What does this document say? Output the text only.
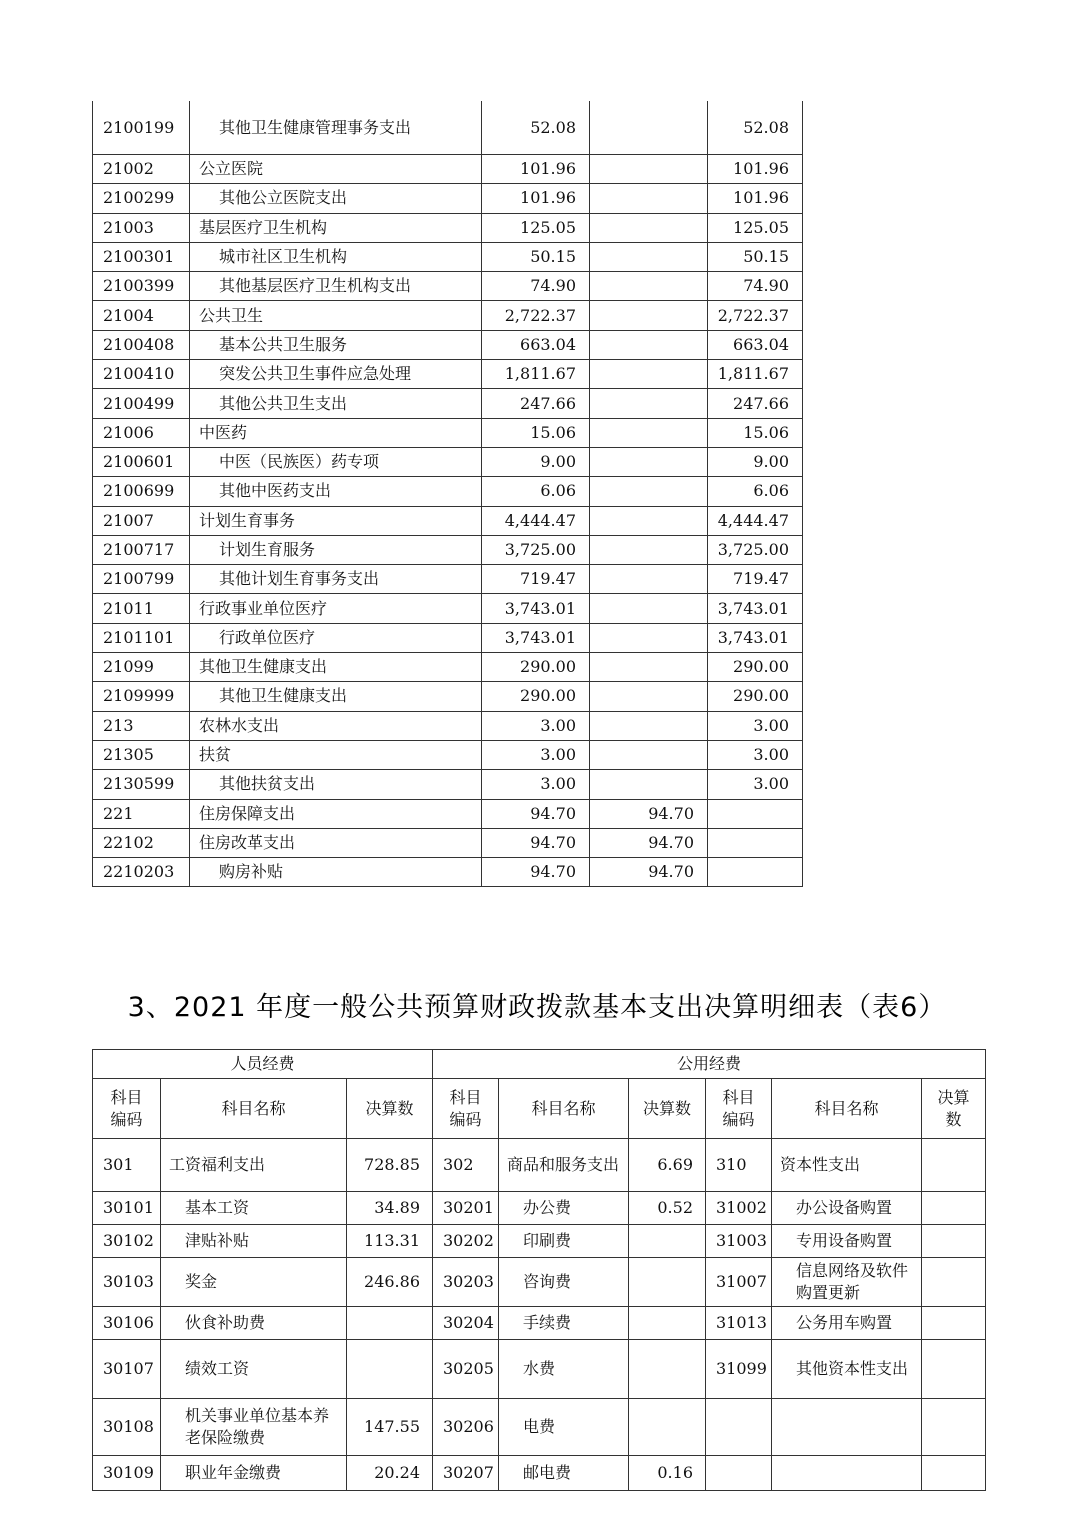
2100199	其他卫生健康管理事务支出	52.08		52.08
21002	公立医院	101.96		101.96
2100299	其他公立医院支出	101.96		101.96
21003	基层医疗卫生机构	125.05		125.05
2100301	城市社区卫生机构	50.15		50.15
2100399	其他基层医疗卫生机构支出	74.90		74.90
21004	公共卫生	2,722.37		2,722.37
2100408	基本公共卫生服务	663.04		663.04
2100410	突发公共卫生事件应急处理	1,811.67		1,811.67
2100499	其他公共卫生支出	247.66		247.66
21006	中医药	15.06		15.06
2100601	中医（民族医）药专项	9.00		9.00
2100699	其他中医药支出	6.06		6.06
21007	计划生育事务	4,444.47		4,444.47
2100717	计划生育服务	3,725.00		3,725.00
2100799	其他计划生育事务支出	719.47		719.47
21011	行政事业单位医疗	3,743.01		3,743.01
2101101	行政单位医疗	3,743.01		3,743.01
21099	其他卫生健康支出	290.00		290.00
2109999	其他卫生健康支出	290.00		290.00
213	农林水支出	3.00		3.00
21305	扶贫	3.00		3.00
2130599	其他扶贫支出	3.00		3.00
221	住房保障支出	94.70	94.70	
22102	住房改革支出	94.70	94.70	
2210203	购房补贴	94.70	94.70	
3、2021 年度一般公共预算财政拨款基本支出决算明细表（表6）
人员经费			公用经费					
科目编码	科目名称	决算数	科目编码	科目名称	决算数	科目编码	科目名称	决算数
301	工资福利支出	728.85	302	商品和服务支出	6.69	310	资本性支出	
30101	基本工资	34.89	30201	办公费	0.52	31002	办公设备购置	
30102	津贴补贴	113.31	30202	印刷费		31003	专用设备购置	
30103	奖金	246.86	30203	咨询费		31007	信息网络及软件购置更新	
30106	伙食补助费		30204	手续费		31013	公务用车购置	
30107	绩效工资		30205	水费		31099	其他资本性支出	
30108	机关事业单位基本养老保险缴费	147.55	30206	电费				
30109	职业年金缴费	20.24	30207	邮电费	0.16			
